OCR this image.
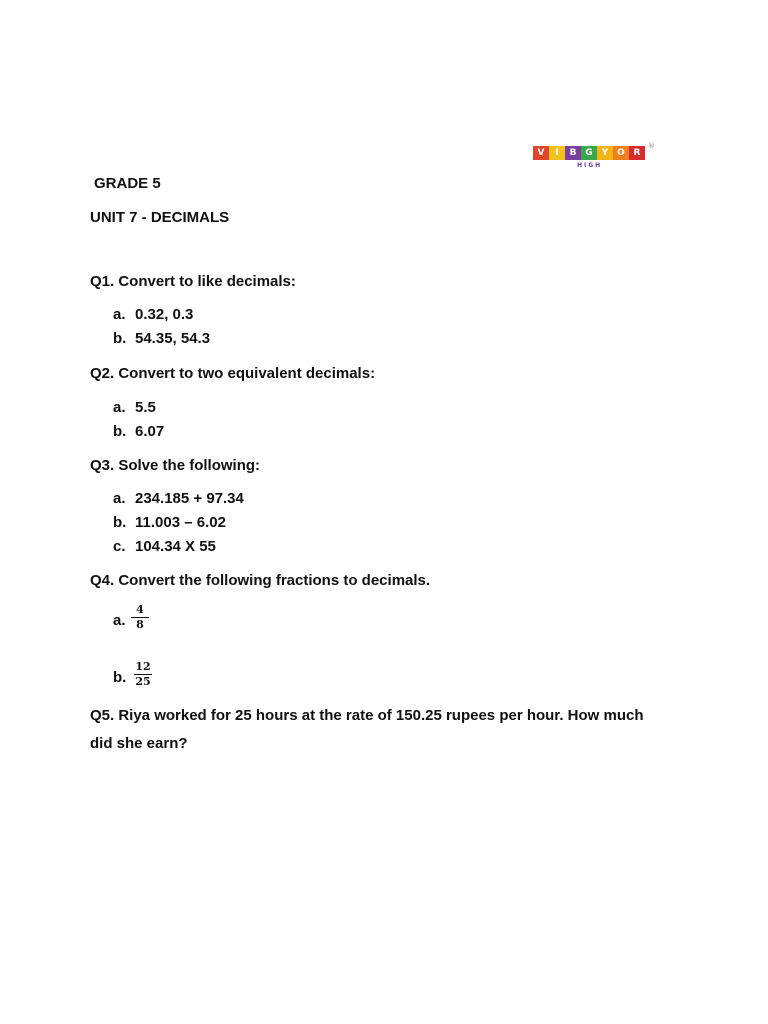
V	I	B G	Y O R
®
HIGH
GRADE 5
UNIT 7 - DECIMALS
Q1. Convert to like decimals:
a. 0.32, 0.3
b. 54.35, 54.3
Q2. Convert to two equivalent decimals:
a. 5.5
b. 6.07
Q3. Solve the following:
a. 234.185 + 97.34
b. 11.003 – 6.02
c. 104.34 X 55
Q4. Convert the following fractions to decimals.
a.
4
8
b.
12
25
Q5. Riya worked for 25 hours at the rate of 150.25 rupees per hour. How much
did she earn?
